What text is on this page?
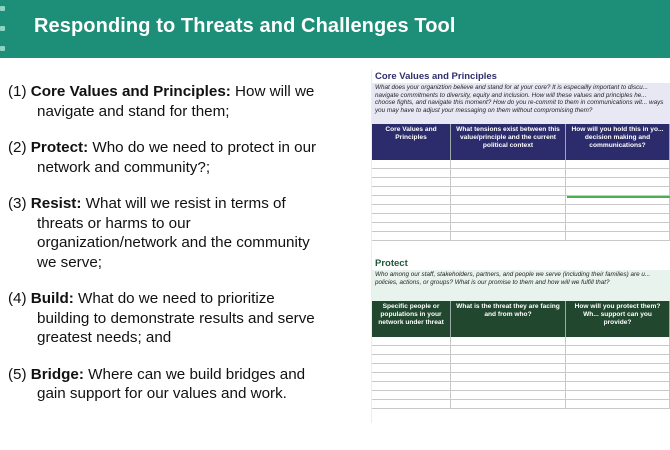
Responding to Threats and Challenges Tool
(1) Core Values and Principles: How will we
navigate and stand for them;
(2) Protect: Who do we need to protect in our
network and community?;
(3) Resist: What will we resist in terms of
threats or harms to our
organization/network and the community
we serve;
(4) Build: What do we need to prioritize
building to demonstrate results and serve
greatest needs; and
(5) Bridge: Where can we build bridges and
gain support for our values and work.
Core Values and Principles
What does your organiztion believe and stand for at your core? It is especailly important to discu... navigate commitments to diversity, equity and inclusion. How will these values and principles he... choose fights, and navigate this moment? How do you re-commit to them in communications wit... ways you may have to adjust your messaging on them without compromising them?
Core Values and Principles
What tensions exist between this value/principle and the current political context
How will you hold this in yo... decision making and communications?
Protect
Who among our staff, stakeholders, partners, and people we serve (including their families) are u... policies, actions, or groups? What is our promise to them and how will we fulfill that?
Specific people or populations in your network under threat
What is the threat they are facing and from who?
How will you protect them? Wh... support can you provide?
